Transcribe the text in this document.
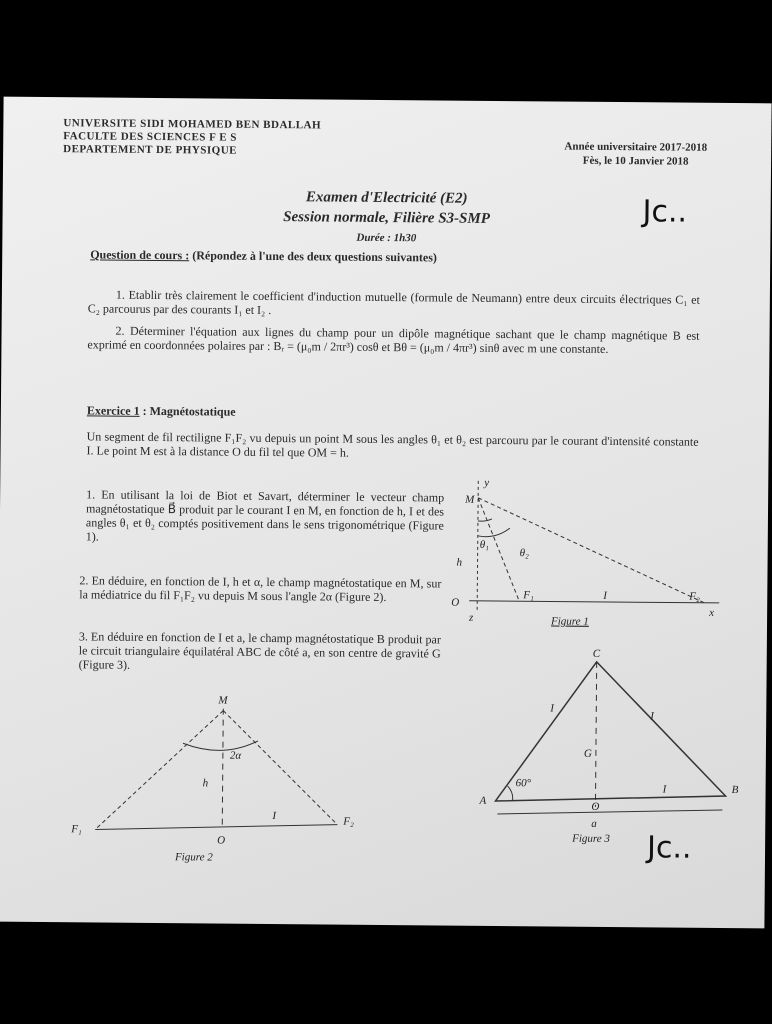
UNIVERSITE SIDI MOHAMED BEN BDALLAH
FACULTE DES SCIENCES F E S
DEPARTEMENT DE PHYSIQUE	Année universitaire 2017-2018
Fès, le 10 Janvier 2018
Examen d'Electricité (E2)
Session normale, Filière S3-SMP
Durée : 1h30
Jc..
Question de cours : (Répondez à l'une des deux questions suivantes)
1. Etablir très clairement le coefficient d'induction mutuelle (formule de Neumann) entre deux circuits électriques C₁ et C₂ parcourus par des courants I₁ et I₂ .
2. Déterminer l'équation aux lignes du champ pour un dipôle magnétique sachant que le champ magnétique B est exprimé en coordonnées polaires par : Bᵣ = (μ₀m / 2πr³) cosθ et Bθ = (μ₀m / 4πr³) sinθ avec m une constante.
Exercice 1 : Magnétostatique
Un segment de fil rectiligne F₁F₂ vu depuis un point M sous les angles θ₁ et θ₂ est parcouru par le courant d'intensité constante I. Le point M est à la distance O du fil tel que OM = h.
1. En utilisant la loi de Biot et Savart, déterminer le vecteur champ magnétostatique B⃗ produit par le courant I en M, en fonction de h, I et des angles θ₁ et θ₂ comptés positivement dans le sens trigonométrique (Figure 1).
2. En déduire, en fonction de I, h et α, le champ magnétostatique en M, sur la médiatrice du fil F₁F₂ vu depuis M sous l'angle 2α (Figure 2).
3. En déduire en fonction de I et a, le champ magnétostatique B produit par le circuit triangulaire équilatéral ABC de côté a, en son centre de gravité G (Figure 3).
M
y
h
θ₁
θ₂
O
z
F₁	I	F₂
x
Figure 1
M
2α
h
F₁
F₂
O
I
Figure 2
C
G
A
B
O
a
60°
I
I
I
Figure 3 Jc..
